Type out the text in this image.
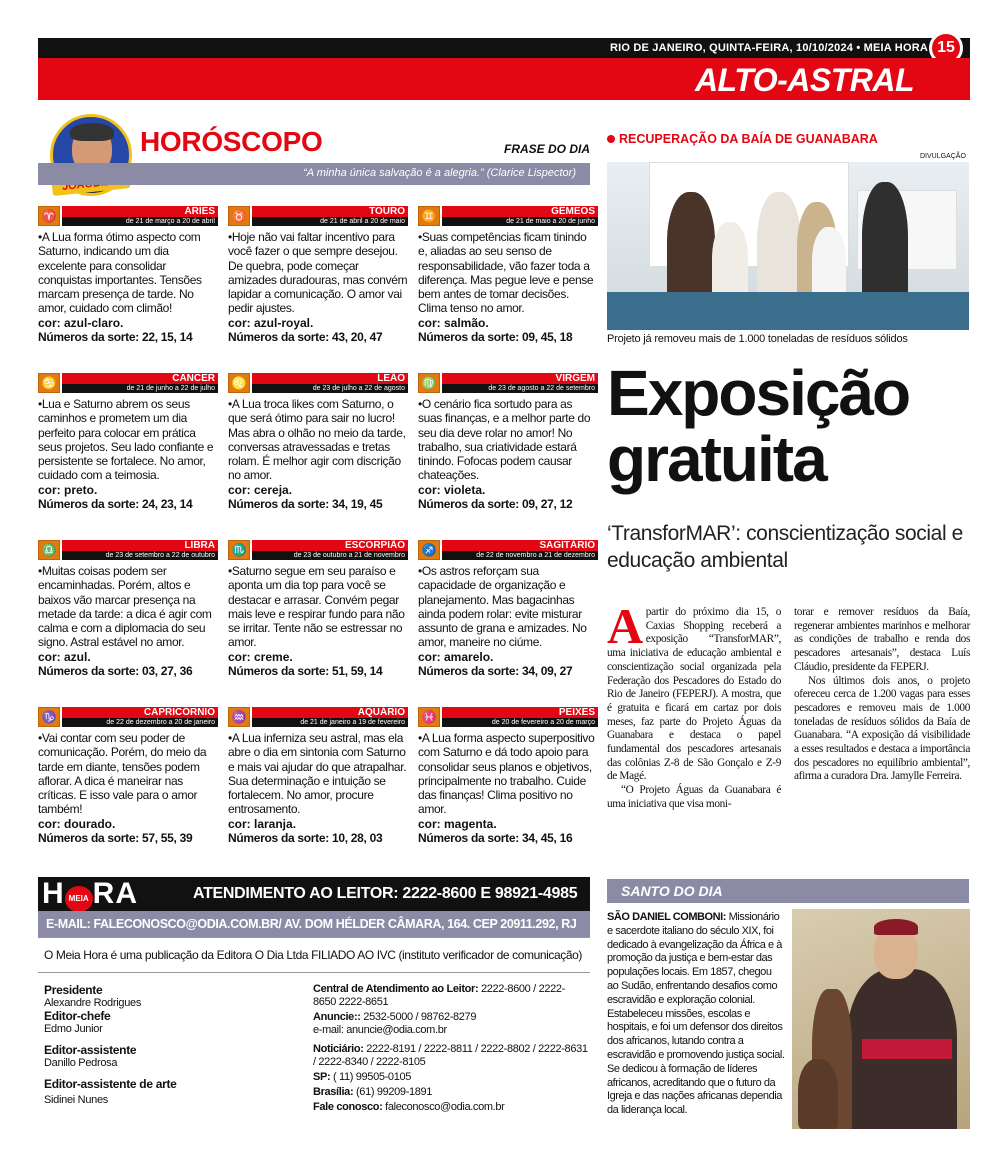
RIO DE JANEIRO, QUINTA-FEIRA, 10/10/2024 • MEIA HORA 15
ALTO-ASTRAL
HORÓSCOPO	FRASE DO DIA
“A minha única salvação é a alegria.” (Clarice Lispector)
♈	ÁRIES
de 21 de março a 20 de abril
•A Lua forma ótimo aspecto com Saturno, indicando um dia excelente para consolidar conquistas importantes. Tensões marcam presença de tarde. No amor, cuidado com climão!
cor: azul-claro.
Números da sorte: 22, 15, 14
♉	TOURO
de 21 de abril a 20 de maio
•Hoje não vai faltar incentivo para você fazer o que sempre desejou. De quebra, pode começar amizades duradouras, mas convém lapidar a comunicação. O amor vai pedir ajustes.
cor: azul-royal.
Números da sorte: 43, 20, 47
♊	GÊMEOS
de 21 de maio a 20 de junho
•Suas competências ficam tinindo e, aliadas ao seu senso de responsabilidade, vão fazer toda a diferença. Mas pegue leve e pense bem antes de tomar decisões. Clima tenso no amor.
cor: salmão.
Números da sorte: 09, 45, 18
♋	CÂNCER
de 21 de junho a 22 de julho
•Lua e Saturno abrem os seus caminhos e prometem um dia perfeito para colocar em prática seus projetos. Seu lado confiante e persistente se fortalece. No amor, cuidado com a teimosia.
cor: preto.
Números da sorte: 24, 23, 14
♌	LEÃO
de 23 de julho a 22 de agosto
•A Lua troca likes com Saturno, o que será ótimo para sair no lucro! Mas abra o olhão no meio da tarde, conversas atravessadas e tretas rolam. É melhor agir com discrição no amor.
cor: cereja.
Números da sorte: 34, 19, 45
♍	VIRGEM
de 23 de agosto a 22 de setembro
•O cenário fica sortudo para as suas finanças, e a melhor parte do seu dia deve rolar no amor! No trabalho, sua criatividade estará tinindo. Fofocas podem causar chateações.
cor: violeta.
Números da sorte: 09, 27, 12
♎	LIBRA
de 23 de setembro a 22 de outubro
•Muitas coisas podem ser encaminhadas. Porém, altos e baixos vão marcar presença na metade da tarde: a dica é agir com calma e com a diplomacia do seu signo. Astral estável no amor.
cor: azul.
Números da sorte: 03, 27, 36
♏	ESCORPIÃO
de 23 de outubro a 21 de novembro
•Saturno segue em seu paraíso e aponta um dia top para você se destacar e arrasar. Convém pegar mais leve e respirar fundo para não se irritar. Tente não se estressar no amor.
cor: creme.
Números da sorte: 51, 59, 14
♐	SAGITÁRIO
de 22 de novembro a 21 de dezembro
•Os astros reforçam sua capacidade de organização e planejamento. Mas bagacinhas ainda podem rolar: evite misturar assunto de grana e amizades. No amor, maneire no ciúme.
cor: amarelo.
Números da sorte: 34, 09, 27
♑	CAPRICÓRNIO
de 22 de dezembro a 20 de janeiro
•Vai contar com seu poder de comunicação. Porém, do meio da tarde em diante, tensões podem aflorar. A dica é maneirar nas críticas. E isso vale para o amor também!
cor: dourado.
Números da sorte: 57, 55, 39
♒	AQUÁRIO
de 21 de janeiro a 19 de fevereiro
•A Lua inferniza seu astral, mas ela abre o dia em sintonia com Saturno e mais vai ajudar do que atrapalhar. Sua determinação e intuição se fortalecem. No amor, procure entrosamento.
cor: laranja.
Números da sorte: 10, 28, 03
♓	PEIXES
de 20 de fevereiro a 20 de março
•A Lua forma aspecto superpositivo com Saturno e dá todo apoio para consolidar seus planos e objetivos, principalmente no trabalho. Cuide das finanças! Clima positivo no amor.
cor: magenta.
Números da sorte: 34, 45, 16
RECUPERAÇÃO DA BAÍA DE GUANABARA
DIVULGAÇÃO
Projeto já removeu mais de 1.000 toneladas de resíduos sólidos
Exposição gratuita
‘TransforMAR’: conscientização social e educação ambiental

Apartir do próximo dia 15, o Caxias Shopping receberá a exposição “TransforMAR”, uma iniciativa de educação ambiental e conscientização social organizada pela Federação dos Pescadores do Estado do Rio de Janeiro (FEPERJ). A mostra, que é gratuita e ficará em cartaz por dois meses, faz parte do Projeto Águas da Guanabara e destaca o papel fundamental dos pescadores artesanais das colônias Z-8 de São Gonçalo e Z-9 de Magé.

“O Projeto Águas da Guanabara é uma iniciativa que visa moni-

torar e remover resíduos da Baía, regenerar ambientes marinhos e melhorar as condições de trabalho e renda dos pescadores artesanais”, destaca Luís Cláudio, presidente da FEPERJ.

Nos últimos dois anos, o projeto ofereceu cerca de 1.200 vagas para esses pescadores e removeu mais de 1.000 toneladas de resíduos sólidos da Baía de Guanabara. “A exposição dá visibilidade a esses resultados e destaca a importância dos pescadores no equilíbrio ambiental”, afirma a curadora Dra. Jamylle Ferreira.

SANTO DO DIA
SÃO DANIEL COMBONI: Missionário e sacerdote italiano do século XIX, foi dedicado à evangelização da África e à promoção da justiça e bem-estar das populações locais. Em 1857, chegou ao Sudão, enfrentando desafios como escravidão e exploração colonial. Estabeleceu missões, escolas e hospitais, e foi um defensor dos direitos dos africanos, lutando contra a escravidão e promovendo justiça social. Se dedicou à formação de líderes africanos, acreditando que o futuro da Igreja e das nações africanas dependia da liderança local.
H MEIA RA	ATENDIMENTO AO LEITOR: 2222-8600 E 98921-4985
E-MAIL: FALECONOSCO@ODIA.COM.BR/ AV. DOM HÉLDER CÂMARA, 164. CEP 20911.292, RJ
O Meia Hora é uma publicação da Editora O Dia Ltda FILIADO AO IVC (instituto verificador de comunicação)
Presidente
Alexandre Rodrigues
Editor-chefe
Edmo Junior
Editor-assistente
Danillo Pedrosa
Editor-assistente de arte
Sidinei Nunes
Central de Atendimento ao Leitor: 2222-8600 / 2222-8650 2222-8651
Anuncie:: 2532-5000 / 98762-8279
e-mail: anuncie@odia.com.br
Noticiário: 2222-8191 / 2222-8811 / 2222-8802 / 2222-8631 / 2222-8340 / 2222-8105
SP: ( 11) 99505-0105
Brasília: (61) 99209-1891
Fale conosco: faleconosco@odia.com.br
